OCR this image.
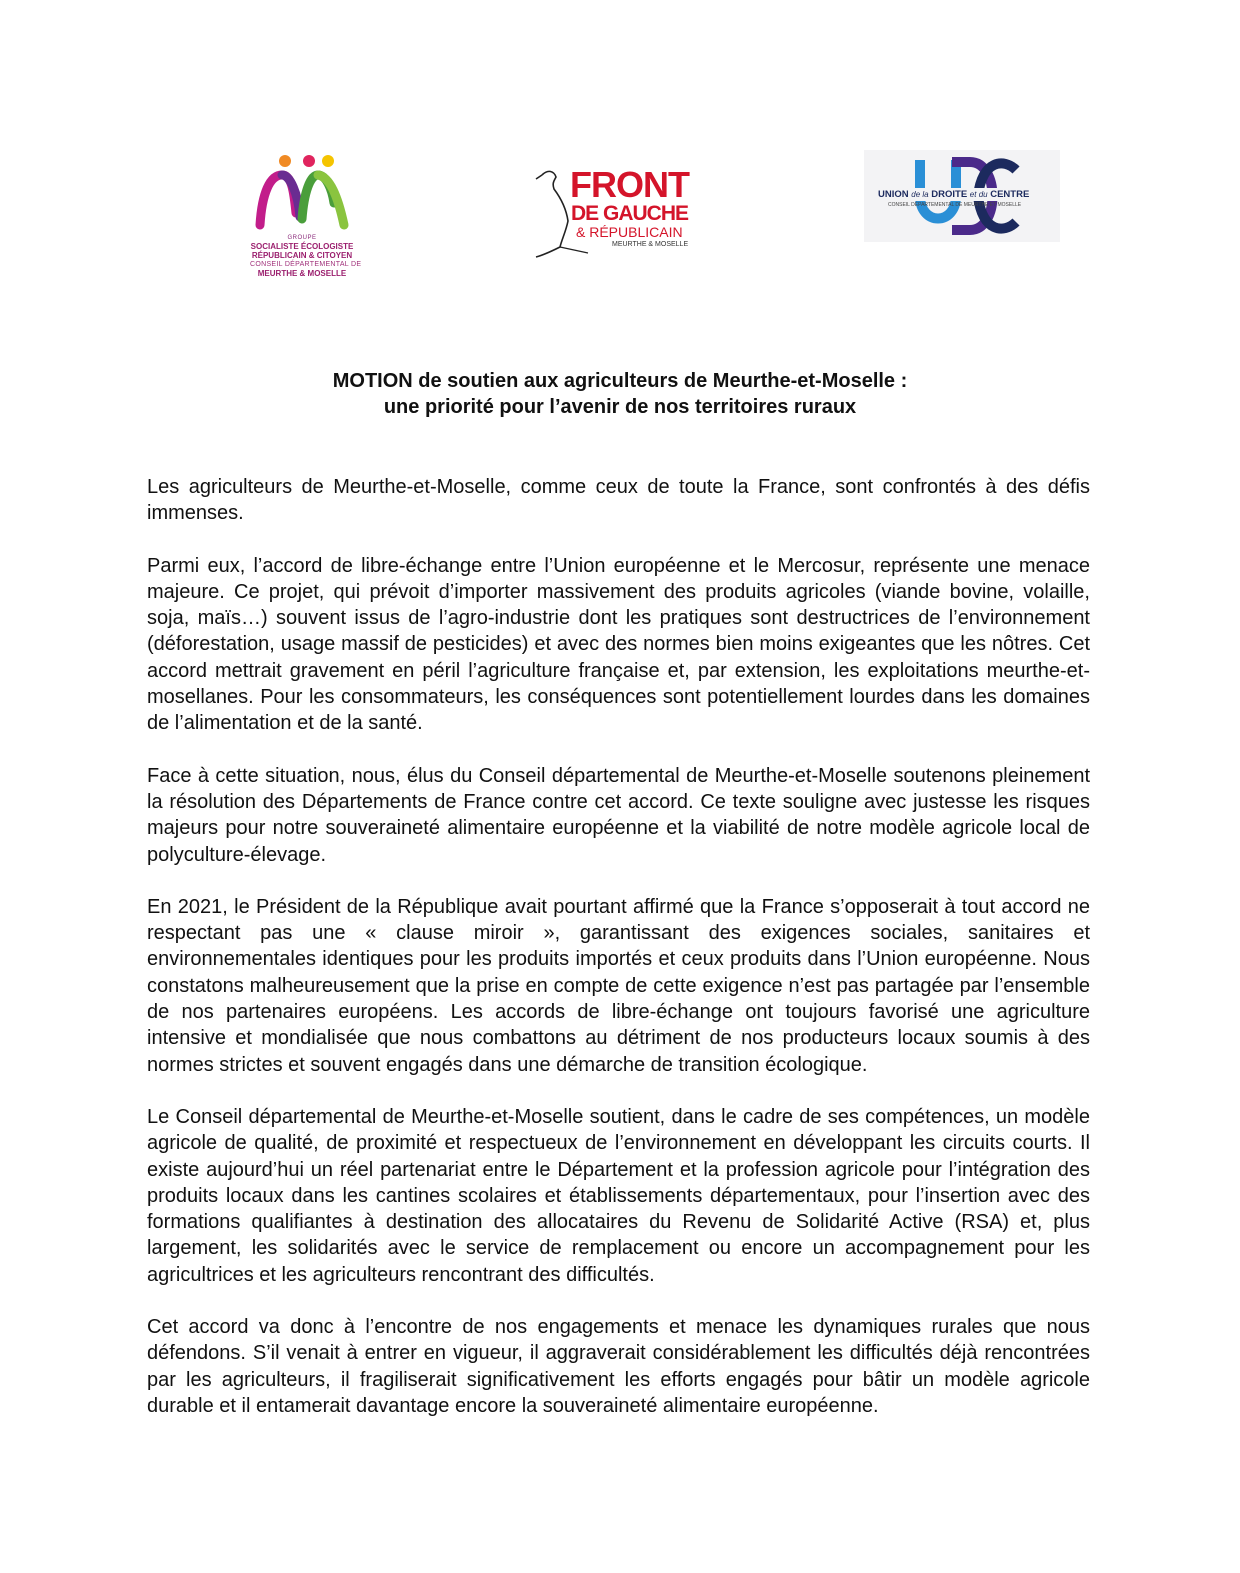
GROUPE
SOCIALISTE ÉCOLOGISTE
RÉPUBLICAIN & CITOYEN
CONSEIL DÉPARTEMENTAL DE
MEURTHE & MOSELLE
FRONT
DE GAUCHE
& RÉPUBLICAIN
MEURTHE & MOSELLE
UNION de la DROITE et du CENTRE
CONSEIL DÉPARTEMENTAL DE MEURTHE ET MOSELLE
MOTION de soutien aux agriculteurs de Meurthe-et-Moselle :
une priorité pour l’avenir de nos territoires ruraux

Les agriculteurs de Meurthe-et-Moselle, comme ceux de toute la France, sont confrontés à des défis immenses.

Parmi eux, l’accord de libre-échange entre l’Union européenne et le Mercosur, représente une menace majeure. Ce projet, qui prévoit d’importer massivement des produits agricoles (viande bovine, volaille, soja, maïs…) souvent issus de l’agro-industrie dont les pratiques sont destructrices de l’environnement (déforestation, usage massif de pesticides) et avec des normes bien moins exigeantes que les nôtres. Cet accord mettrait gravement en péril l’agriculture française et, par extension, les exploitations meurthe-et-mosellanes. Pour les consommateurs, les conséquences sont potentiellement lourdes dans les domaines de l’alimentation et de la santé.

Face à cette situation, nous, élus du Conseil départemental de Meurthe-et-Moselle soutenons pleinement la résolution des Départements de France contre cet accord. Ce texte souligne avec justesse les risques majeurs pour notre souveraineté alimentaire européenne et la viabilité de notre modèle agricole local de polyculture-élevage.

En 2021, le Président de la République avait pourtant affirmé que la France s’opposerait à tout accord ne respectant pas une « clause miroir », garantissant des exigences sociales, sanitaires et environnementales identiques pour les produits importés et ceux produits dans l’Union européenne. Nous constatons malheureusement que la prise en compte de cette exigence n’est pas partagée par l’ensemble de nos partenaires européens. Les accords de libre-échange ont toujours favorisé une agriculture intensive et mondialisée que nous combattons au détriment de nos producteurs locaux soumis à des normes strictes et souvent engagés dans une démarche de transition écologique.

Le Conseil départemental de Meurthe-et-Moselle soutient, dans le cadre de ses compétences, un modèle agricole de qualité, de proximité et respectueux de l’environnement en développant les circuits courts. Il existe aujourd’hui un réel partenariat entre le Département et la profession agricole pour l’intégration des produits locaux dans les cantines scolaires et établissements départementaux, pour l’insertion avec des formations qualifiantes à destination des allocataires du Revenu de Solidarité Active (RSA) et, plus largement, les solidarités avec le service de remplacement ou encore un accompagnement pour les agricultrices et les agriculteurs rencontrant des difficultés.

Cet accord va donc à l’encontre de nos engagements et menace les dynamiques rurales que nous défendons. S’il venait à entrer en vigueur, il aggraverait considérablement les difficultés déjà rencontrées par les agriculteurs, il fragiliserait significativement les efforts engagés pour bâtir un modèle agricole durable et il entamerait davantage encore la souveraineté alimentaire européenne.
